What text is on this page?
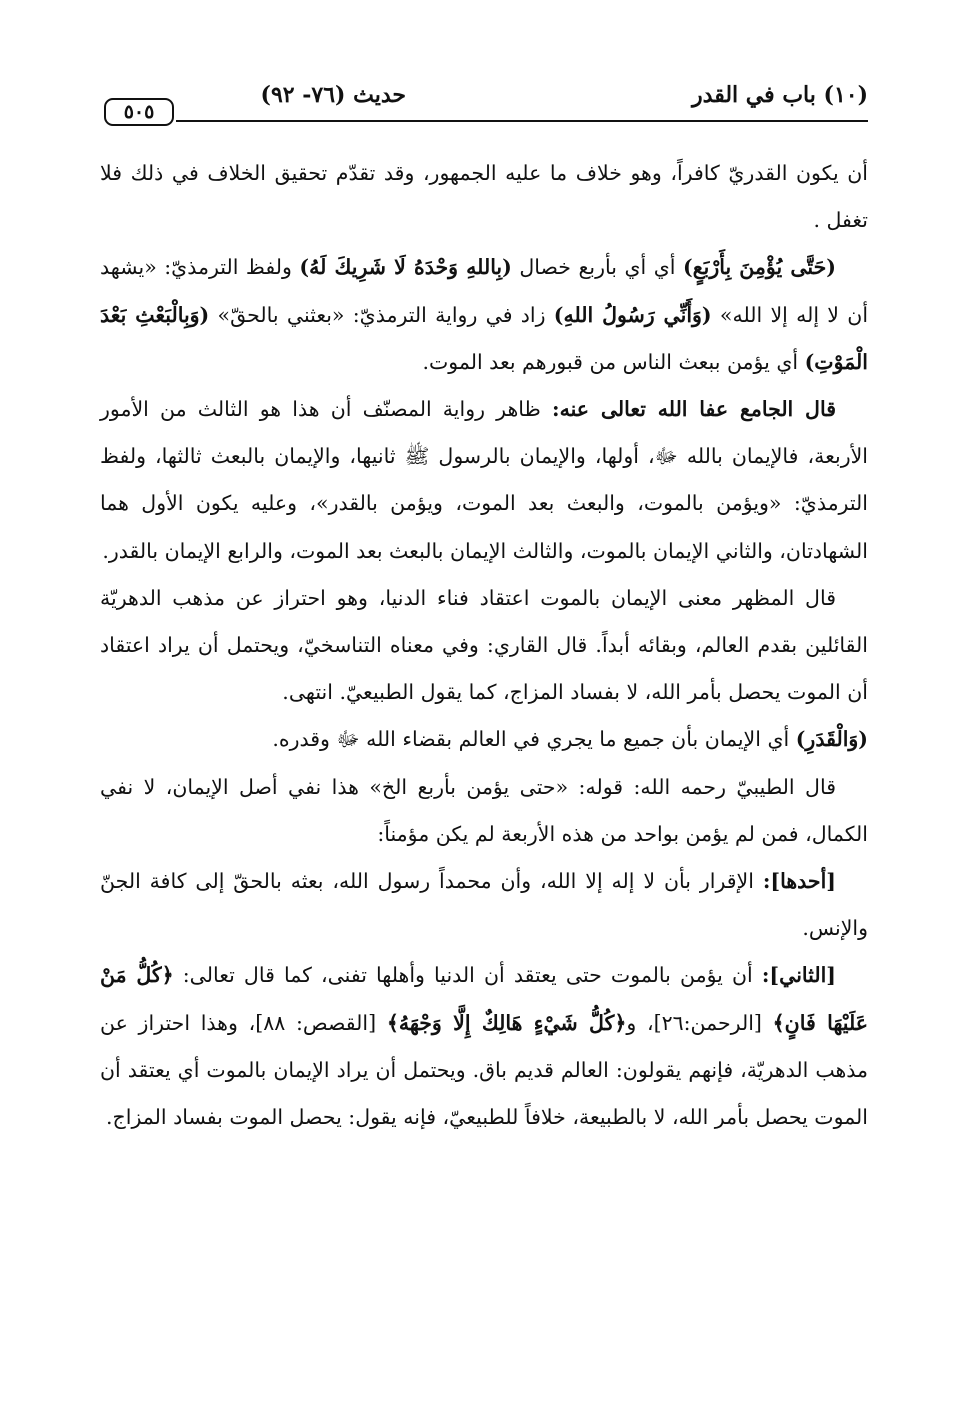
(١٠) باب في القدر
حديث (٧٦- ٩٢)
٥٠٥

أن يكون القدريّ كافراً، وهو خلاف ما عليه الجمهور، وقد تقدّم تحقيق الخلاف في ذلك فلا تغفل .

(حَتَّى يُؤْمِنَ بِأَرْبَعٍ) أي أي بأربع خصال (بِاللهِ وَحْدَهُ لَا شَرِيكَ لَهُ) ولفظ الترمذيّ: «يشهد أن لا إله إلا الله» (وَأَنِّي رَسُولُ اللهِ) زاد في رواية الترمذيّ: «بعثني بالحقّ» (وَبِالْبَعْثِ بَعْدَ الْمَوْتِ) أي يؤمن ببعث الناس من قبورهم بعد الموت.

قال الجامع عفا الله تعالى عنه: ظاهر رواية المصنّف أن هذا هو الثالث من الأمور الأربعة، فالإيمان بالله ﷻ، أولها، والإيمان بالرسول ﷺ ثانيها، والإيمان بالبعث ثالثها، ولفظ الترمذيّ: «ويؤمن بالموت، والبعث بعد الموت، ويؤمن بالقدر»، وعليه يكون الأول هما الشهادتان، والثاني الإيمان بالموت، والثالث الإيمان بالبعث بعد الموت، والرابع الإيمان بالقدر.

قال المظهر معنى الإيمان بالموت اعتقاد فناء الدنيا، وهو احتراز عن مذهب الدهريّة القائلين بقدم العالم، وبقائه أبداً. قال القاري: وفي معناه التناسخيّ، ويحتمل أن يراد اعتقاد أن الموت يحصل بأمر الله، لا بفساد المزاج، كما يقول الطبيعيّ. انتهى.

(وَالْقَدَرِ) أي الإيمان بأن جميع ما يجري في العالم بقضاء الله ﷻ وقدره.

قال الطيبيّ رحمه الله: قوله: «حتى يؤمن بأربع الخ» هذا نفي أصل الإيمان، لا نفي الكمال، فمن لم يؤمن بواحد من هذه الأربعة لم يكن مؤمناً:

[أحدها]: الإقرار بأن لا إله إلا الله، وأن محمداً رسول الله، بعثه بالحقّ إلى كافة الجنّ والإنس.

[الثاني]: أن يؤمن بالموت حتى يعتقد أن الدنيا وأهلها تفنى، كما قال تعالى: ﴿كُلُّ مَنْ عَلَيْهَا فَانٍ﴾ [الرحمن:٢٦]، و﴿كُلُّ شَيْءٍ هَالِكٌ إِلَّا وَجْهَهُ﴾ [القصص: ٨٨]، وهذا احتراز عن مذهب الدهريّة، فإنهم يقولون: العالم قديم باق. ويحتمل أن يراد الإيمان بالموت أي يعتقد أن الموت يحصل بأمر الله، لا بالطبيعة، خلافاً للطبيعيّ، فإنه يقول: يحصل الموت بفساد المزاج.
